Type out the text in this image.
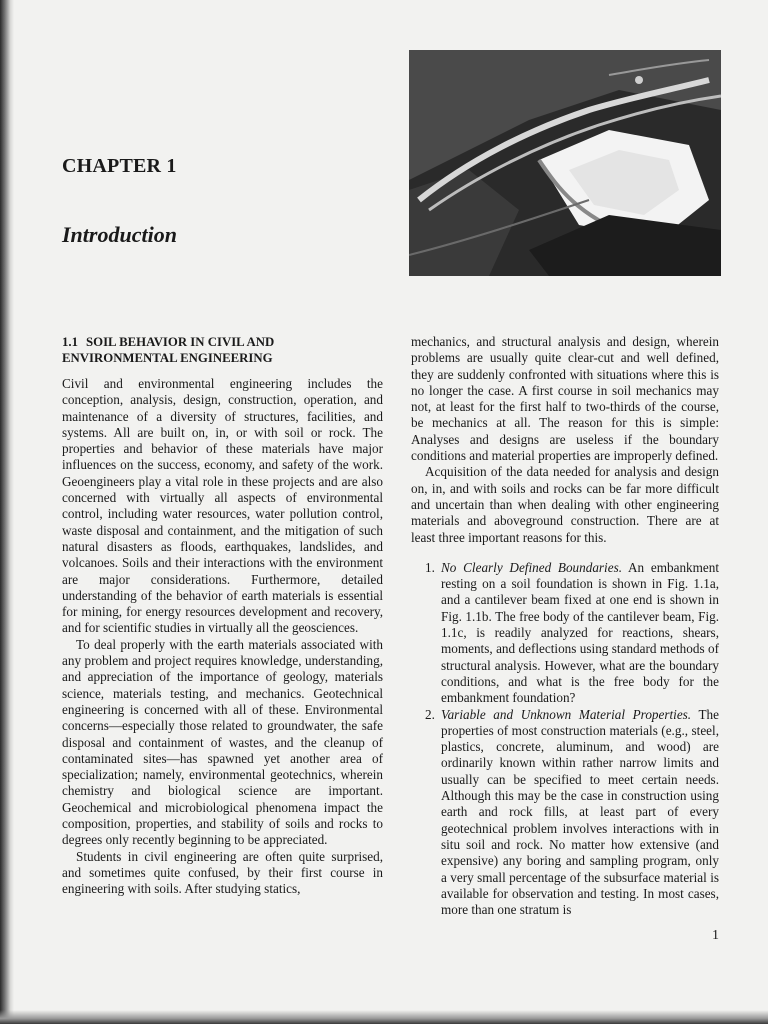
CHAPTER 1
Introduction
1.1 SOIL BEHAVIOR IN CIVIL AND
ENVIRONMENTAL ENGINEERING

Civil and environmental engineering includes the conception, analysis, design, construction, operation, and maintenance of a diversity of structures, facilities, and systems. All are built on, in, or with soil or rock. The properties and behavior of these materials have major influences on the success, economy, and safety of the work. Geoengineers play a vital role in these projects and are also concerned with virtually all aspects of environmental control, including water resources, water pollution control, waste disposal and containment, and the mitigation of such natural disasters as floods, earthquakes, landslides, and volcanoes. Soils and their interactions with the environment are major considerations. Furthermore, detailed understanding of the behavior of earth materials is essential for mining, for energy resources development and recovery, and for scientific studies in virtually all the geosciences.

To deal properly with the earth materials associated with any problem and project requires knowledge, understanding, and appreciation of the importance of geology, materials science, materials testing, and mechanics. Geotechnical engineering is concerned with all of these. Environmental concerns—especially those related to groundwater, the safe disposal and containment of wastes, and the cleanup of contaminated sites—has spawned yet another area of specialization; namely, environmental geotechnics, wherein chemistry and biological science are important. Geochemical and microbiological phenomena impact the composition, properties, and stability of soils and rocks to degrees only recently beginning to be appreciated.

Students in civil engineering are often quite surprised, and sometimes quite confused, by their first course in engineering with soils. After studying statics,

mechanics, and structural analysis and design, wherein problems are usually quite clear-cut and well defined, they are suddenly confronted with situations where this is no longer the case. A first course in soil mechanics may not, at least for the first half to two-thirds of the course, be mechanics at all. The reason for this is simple: Analyses and designs are useless if the boundary conditions and material properties are improperly defined.

Acquisition of the data needed for analysis and design on, in, and with soils and rocks can be far more difficult and uncertain than when dealing with other engineering materials and aboveground construction. There are at least three important reasons for this.

1. No Clearly Defined Boundaries. An embankment resting on a soil foundation is shown in Fig. 1.1a, and a cantilever beam fixed at one end is shown in Fig. 1.1b. The free body of the cantilever beam, Fig. 1.1c, is readily analyzed for reactions, shears, moments, and deflections using standard methods of structural analysis. However, what are the boundary conditions, and what is the free body for the embankment foundation?
2. Variable and Unknown Material Properties. The properties of most construction materials (e.g., steel, plastics, concrete, aluminum, and wood) are ordinarily known within rather narrow limits and usually can be specified to meet certain needs. Although this may be the case in construction using earth and rock fills, at least part of every geotechnical problem involves interactions with in situ soil and rock. No matter how extensive (and expensive) any boring and sampling program, only a very small percentage of the subsurface material is available for observation and testing. In most cases, more than one stratum is

1
